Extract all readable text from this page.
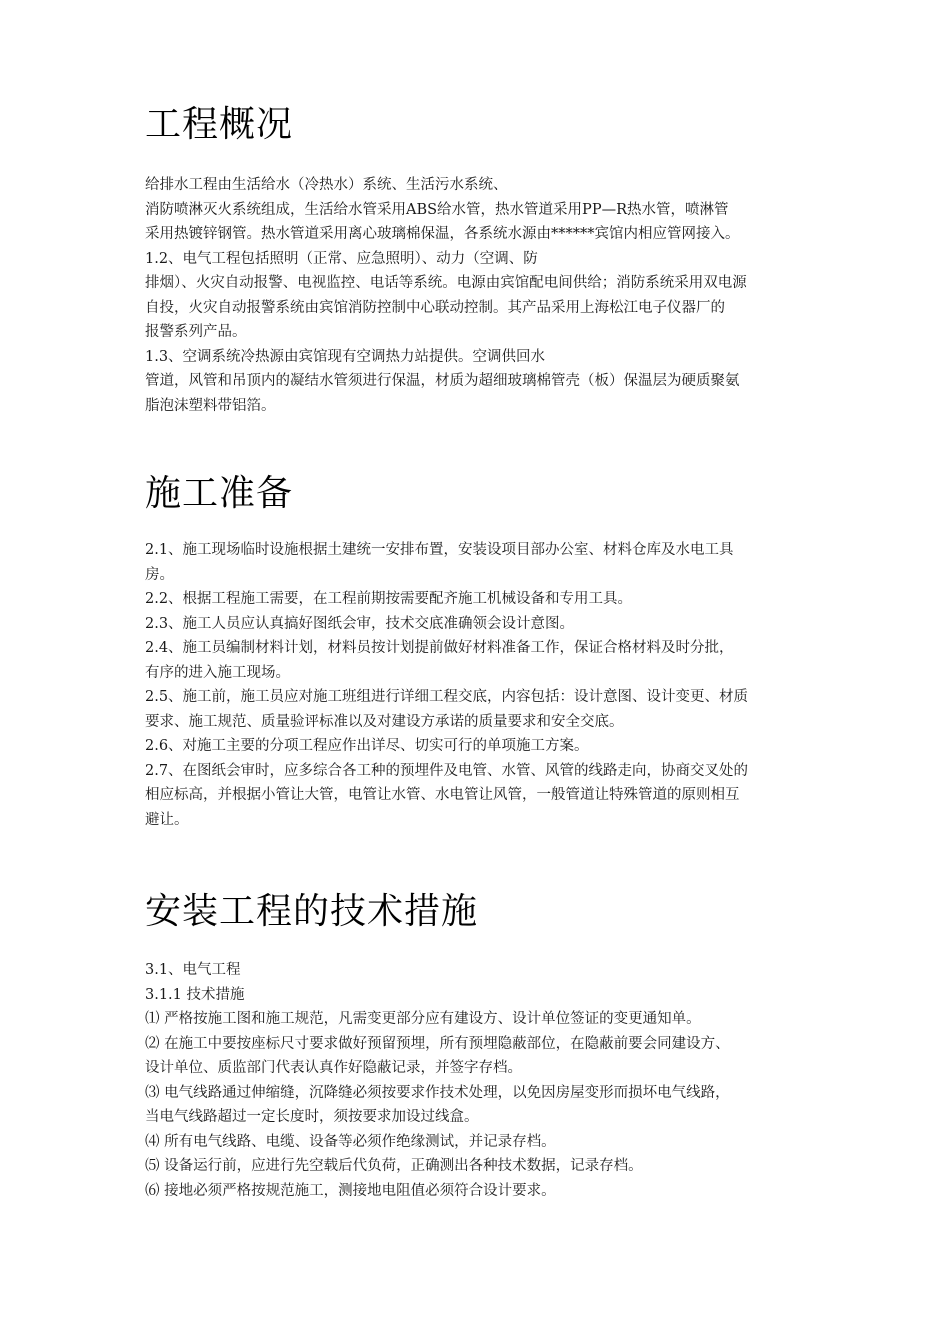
工程概况
给排水工程由生活给水（冷热水）系统、生活污水系统、
消防喷淋灭火系统组成，生活给水管采用ABS给水管，热水管道采用PP—R热水管，喷淋管
采用热镀锌钢管。热水管道采用离心玻璃棉保温，各系统水源由******宾馆内相应管网接入。
1.2、电气工程包括照明（正常、应急照明）、动力（空调、防
排烟）、火灾自动报警、电视监控、电话等系统。电源由宾馆配电间供给；消防系统采用双电源
自投，火灾自动报警系统由宾馆消防控制中心联动控制。其产品采用上海松江电子仪器厂的
报警系列产品。
1.3、空调系统冷热源由宾馆现有空调热力站提供。空调供回水
管道，风管和吊顶内的凝结水管须进行保温，材质为超细玻璃棉管壳（板）保温层为硬质聚氨
脂泡沫塑料带铝箔。
施工准备
2.1、施工现场临时设施根据土建统一安排布置，安装设项目部办公室、材料仓库及水电工具
房。
2.2、根据工程施工需要，在工程前期按需要配齐施工机械设备和专用工具。
2.3、施工人员应认真搞好图纸会审，技术交底准确领会设计意图。
2.4、施工员编制材料计划，材料员按计划提前做好材料准备工作，保证合格材料及时分批，
有序的进入施工现场。
2.5、施工前，施工员应对施工班组进行详细工程交底，内容包括：设计意图、设计变更、材质
要求、施工规范、质量验评标准以及对建设方承诺的质量要求和安全交底。
2.6、对施工主要的分项工程应作出详尽、切实可行的单项施工方案。
2.7、在图纸会审时，应多综合各工种的预埋件及电管、水管、风管的线路走向，协商交叉处的
相应标高，并根据小管让大管，电管让水管、水电管让风管，一般管道让特殊管道的原则相互
避让。
安装工程的技术措施
3.1、电气工程
3.1.1 技术措施
⑴ 严格按施工图和施工规范，凡需变更部分应有建设方、设计单位签证的变更通知单。
⑵ 在施工中要按座标尺寸要求做好预留预埋，所有预埋隐蔽部位，在隐蔽前要会同建设方、
设计单位、质监部门代表认真作好隐蔽记录，并签字存档。
⑶ 电气线路通过伸缩缝，沉降缝必须按要求作技术处理，以免因房屋变形而损坏电气线路，
当电气线路超过一定长度时，须按要求加设过线盒。
⑷ 所有电气线路、电缆、设备等必须作绝缘测试，并记录存档。
⑸ 设备运行前，应进行先空载后代负荷，正确测出各种技术数据，记录存档。
⑹ 接地必须严格按规范施工，测接地电阻值必须符合设计要求。
